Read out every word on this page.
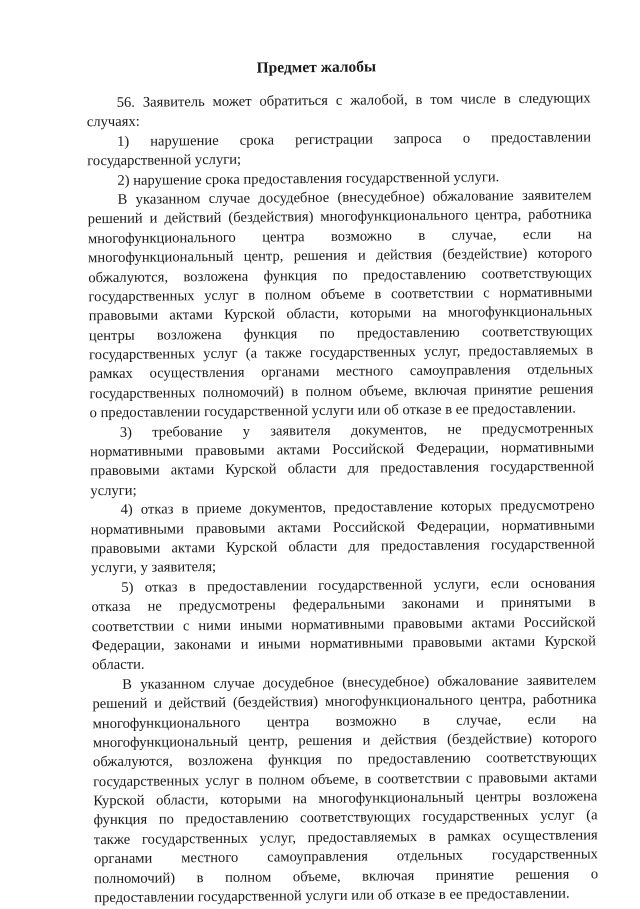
Предмет жалобы
56. Заявитель может обратиться с жалобой, в том числе в следующих
случаях:
1) нарушение срока регистрации запроса о предоставлении
государственной услуги;
2) нарушение срока предоставления государственной услуги.
В указанном случае досудебное (внесудебное) обжалование заявителем
решений и действий (бездействия) многофункционального центра, работника
многофункционального центра возможно в случае, если на
многофункциональный центр, решения и действия (бездействие) которого
обжалуются, возложена функция по предоставлению соответствующих
государственных услуг в полном объеме в соответствии с нормативными
правовыми актами Курской области, которыми на многофункциональных
центры возложена функция по предоставлению соответствующих
государственных услуг (а также государственных услуг, предоставляемых в
рамках осуществления органами местного самоуправления отдельных
государственных полномочий) в полном объеме, включая принятие решения
о предоставлении государственной услуги или об отказе в ее предоставлении.
3) требование у заявителя документов, не предусмотренных
нормативными правовыми актами Российской Федерации, нормативными
правовыми актами Курской области для предоставления государственной
услуги;
4) отказ в приеме документов, предоставление которых предусмотрено
нормативными правовыми актами Российской Федерации, нормативными
правовыми актами Курской области для предоставления государственной
услуги, у заявителя;
5) отказ в предоставлении государственной услуги, если основания
отказа не предусмотрены федеральными законами и принятыми в
соответствии с ними иными нормативными правовыми актами Российской
Федерации, законами и иными нормативными правовыми актами Курской
области.
В указанном случае досудебное (внесудебное) обжалование заявителем
решений и действий (бездействия) многофункционального центра, работника
многофункционального центра возможно в случае, если на
многофункциональный центр, решения и действия (бездействие) которого
обжалуются, возложена функция по предоставлению соответствующих
государственных услуг в полном объеме, в соответствии с правовыми актами
Курской области, которыми на многофункциональный центры возложена
функция по предоставлению соответствующих государственных услуг (а
также государственных услуг, предоставляемых в рамках осуществления
органами местного самоуправления отдельных государственных
полномочий) в полном объеме, включая принятие решения о
предоставлении государственной услуги или об отказе в ее предоставлении.
